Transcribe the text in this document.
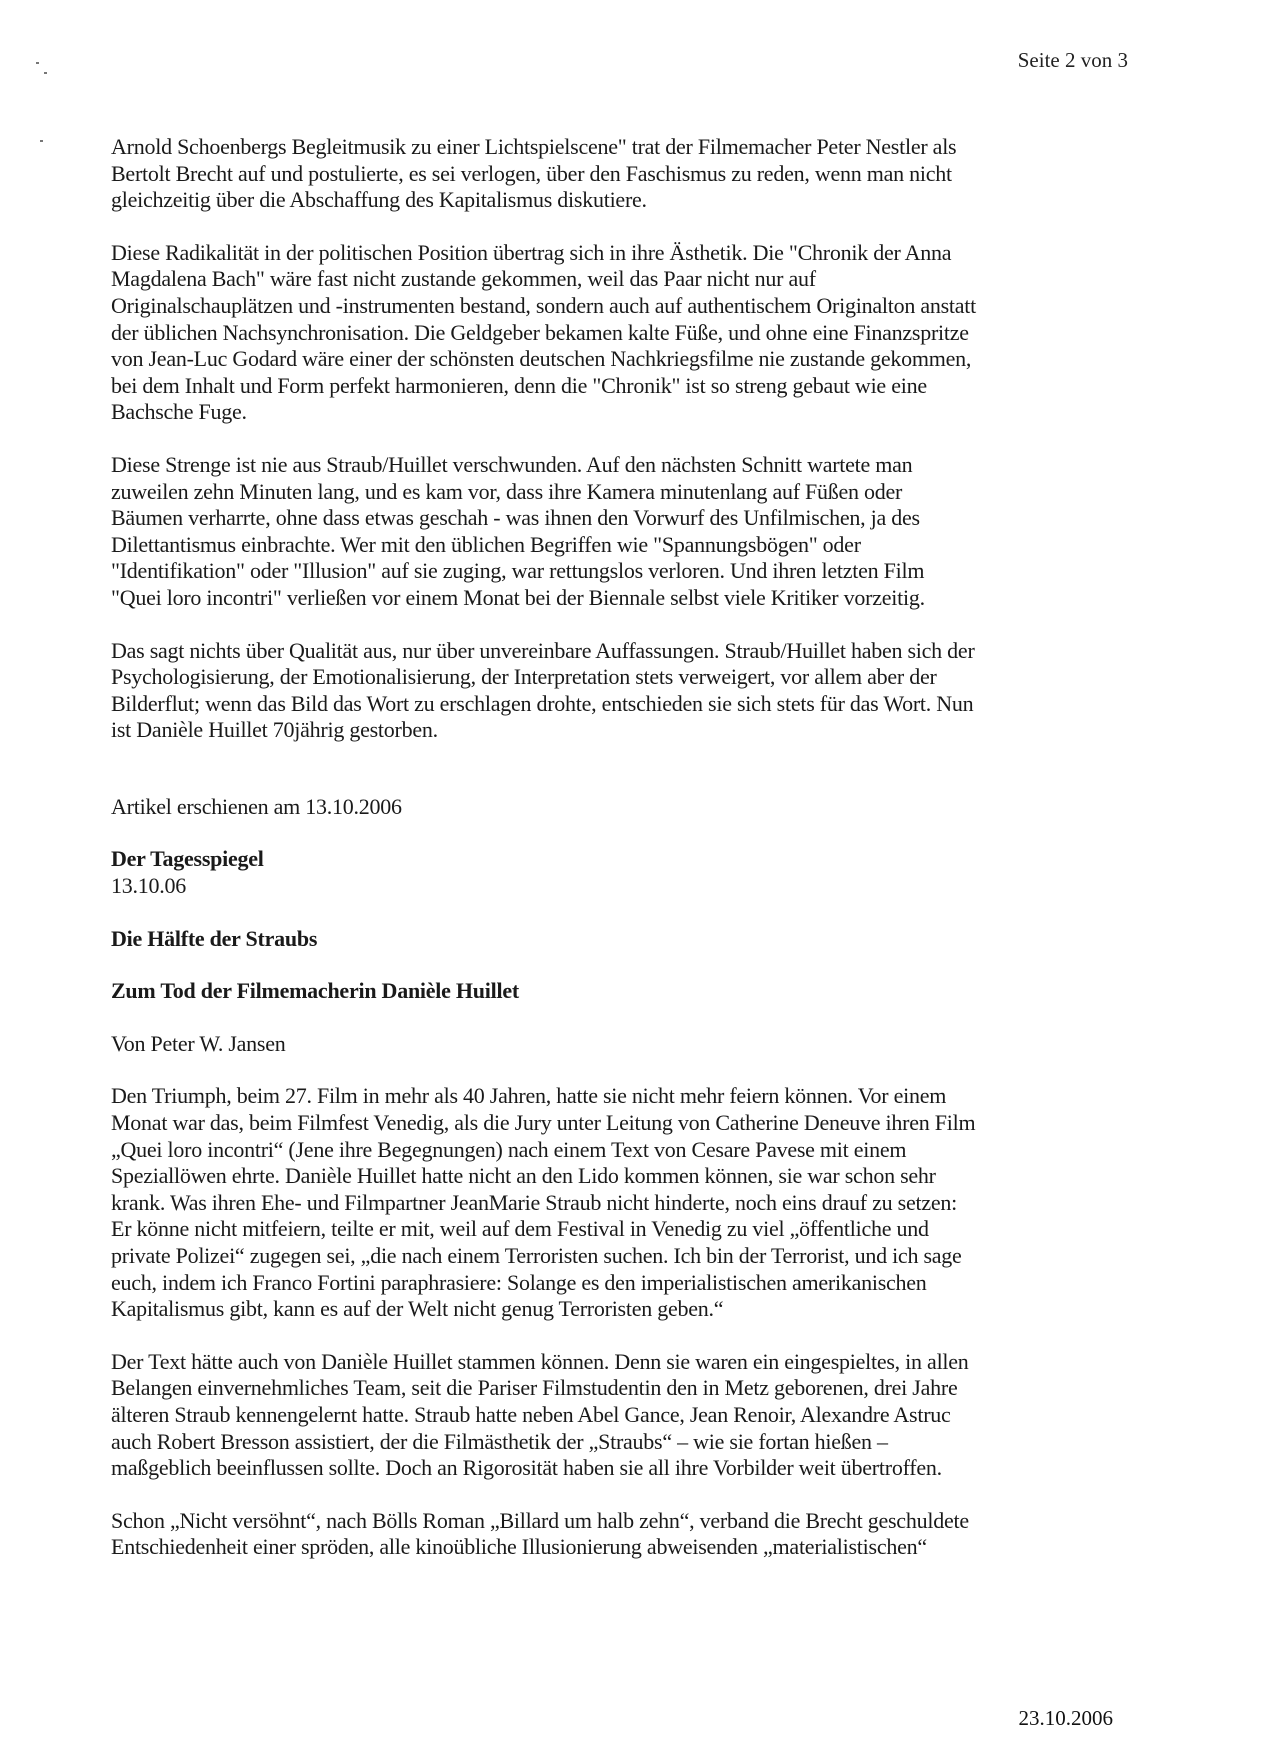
Seite 2 von 3

Arnold Schoenbergs Begleitmusik zu einer Lichtspielscene" trat der Filmemacher Peter Nestler als
Bertolt Brecht auf und postulierte, es sei verlogen, über den Faschismus zu reden, wenn man nicht
gleichzeitig über die Abschaffung des Kapitalismus diskutiere.

Diese Radikalität in der politischen Position übertrag sich in ihre Ästhetik. Die "Chronik der Anna
Magdalena Bach" wäre fast nicht zustande gekommen, weil das Paar nicht nur auf
Originalschauplätzen und -instrumenten bestand, sondern auch auf authentischem Originalton anstatt
der üblichen Nachsynchronisation. Die Geldgeber bekamen kalte Füße, und ohne eine Finanzspritze
von Jean-Luc Godard wäre einer der schönsten deutschen Nachkriegsfilme nie zustande gekommen,
bei dem Inhalt und Form perfekt harmonieren, denn die "Chronik" ist so streng gebaut wie eine
Bachsche Fuge.

Diese Strenge ist nie aus Straub/Huillet verschwunden. Auf den nächsten Schnitt wartete man
zuweilen zehn Minuten lang, und es kam vor, dass ihre Kamera minutenlang auf Füßen oder
Bäumen verharrte, ohne dass etwas geschah - was ihnen den Vorwurf des Unfilmischen, ja des
Dilettantismus einbrachte. Wer mit den üblichen Begriffen wie "Spannungsbögen" oder
"Identifikation" oder "Illusion" auf sie zuging, war rettungslos verloren. Und ihren letzten Film
"Quei loro incontri" verließen vor einem Monat bei der Biennale selbst viele Kritiker vorzeitig.

Das sagt nichts über Qualität aus, nur über unvereinbare Auffassungen. Straub/Huillet haben sich der
Psychologisierung, der Emotionalisierung, der Interpretation stets verweigert, vor allem aber der
Bilderflut; wenn das Bild das Wort zu erschlagen drohte, entschieden sie sich stets für das Wort. Nun
ist Danièle Huillet 70jährig gestorben.

Artikel erschienen am 13.10.2006

Der Tagesspiegel
13.10.06

Die Hälfte der Straubs

Zum Tod der Filmemacherin Danièle Huillet

Von Peter W. Jansen

Den Triumph, beim 27. Film in mehr als 40 Jahren, hatte sie nicht mehr feiern können. Vor einem
Monat war das, beim Filmfest Venedig, als die Jury unter Leitung von Catherine Deneuve ihren Film
„Quei loro incontri“ (Jene ihre Begegnungen) nach einem Text von Cesare Pavese mit einem
Speziallöwen ehrte. Danièle Huillet hatte nicht an den Lido kommen können, sie war schon sehr
krank. Was ihren Ehe- und Filmpartner JeanMarie Straub nicht hinderte, noch eins drauf zu setzen:
Er könne nicht mitfeiern, teilte er mit, weil auf dem Festival in Venedig zu viel „öffentliche und
private Polizei“ zugegen sei, „die nach einem Terroristen suchen. Ich bin der Terrorist, und ich sage
euch, indem ich Franco Fortini paraphrasiere: Solange es den imperialistischen amerikanischen
Kapitalismus gibt, kann es auf der Welt nicht genug Terroristen geben.“

Der Text hätte auch von Danièle Huillet stammen können. Denn sie waren ein eingespieltes, in allen
Belangen einvernehmliches Team, seit die Pariser Filmstudentin den in Metz geborenen, drei Jahre
älteren Straub kennengelernt hatte. Straub hatte neben Abel Gance, Jean Renoir, Alexandre Astruc
auch Robert Bresson assistiert, der die Filmästhetik der „Straubs“ – wie sie fortan hießen –
maßgeblich beeinflussen sollte. Doch an Rigorosität haben sie all ihre Vorbilder weit übertroffen.

Schon „Nicht versöhnt“, nach Bölls Roman „Billard um halb zehn“, verband die Brecht geschuldete
Entschiedenheit einer spröden, alle kinoübliche Illusionierung abweisenden „materialistischen“

23.10.2006
